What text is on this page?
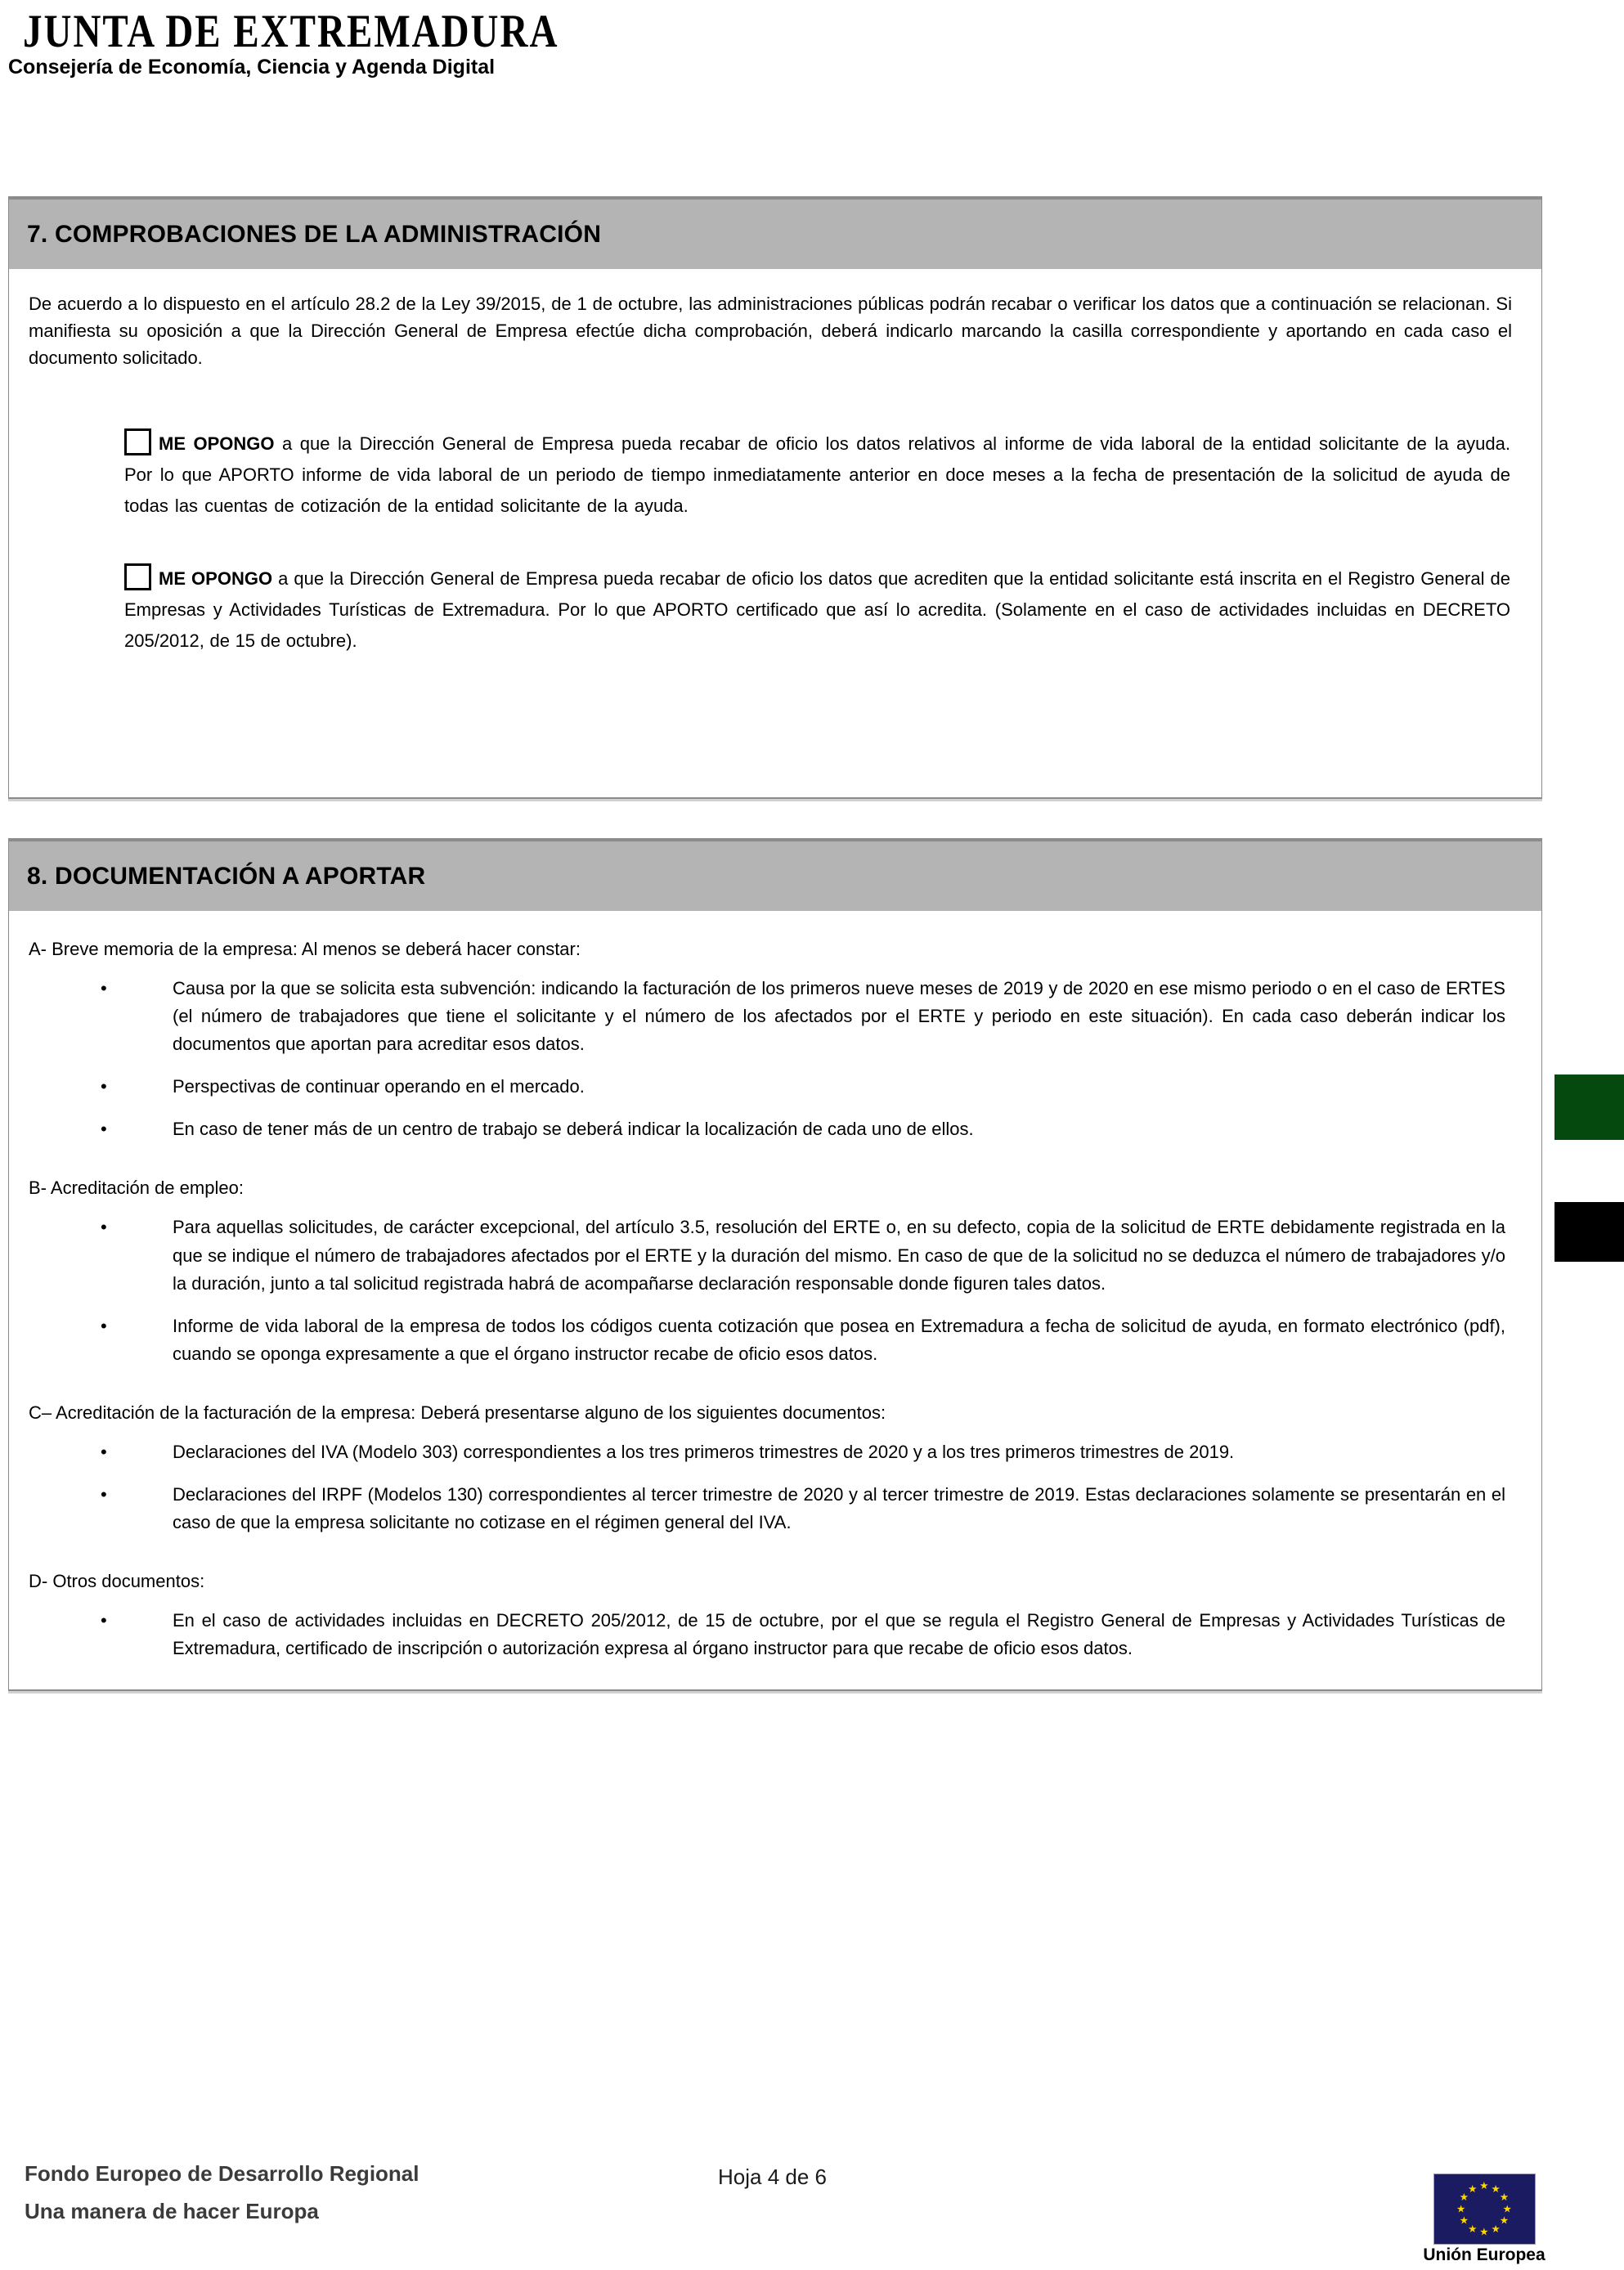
JUNTA DE EXTREMADURA
Consejería de Economía, Ciencia y Agenda Digital
7. COMPROBACIONES DE LA ADMINISTRACIÓN

De acuerdo a lo dispuesto en el artículo 28.2 de la Ley 39/2015, de 1 de octubre, las administraciones públicas podrán recabar o verificar los datos que a continuación se relacionan. Si manifiesta su oposición a que la Dirección General de Empresa efectúe dicha comprobación, deberá indicarlo marcando la casilla correspondiente y aportando en cada caso el documento solicitado.

ME OPONGO a que la Dirección General de Empresa pueda recabar de oficio los datos relativos al informe de vida laboral de la entidad solicitante de la ayuda. Por lo que APORTO informe de vida laboral de un periodo de tiempo inmediatamente anterior en doce meses a la fecha de presentación de la solicitud de ayuda de todas las cuentas de cotización de la entidad solicitante de la ayuda.

ME OPONGO a que la Dirección General de Empresa pueda recabar de oficio los datos que acrediten que la entidad solicitante está inscrita en el Registro General de Empresas y Actividades Turísticas de Extremadura. Por lo que APORTO certificado que así lo acredita. (Solamente en el caso de actividades incluidas en DECRETO 205/2012, de 15 de octubre).

8. DOCUMENTACIÓN A APORTAR
A- Breve memoria de la empresa: Al menos se deberá hacer constar:
•	Causa por la que se solicita esta subvención: indicando la facturación de los primeros nueve meses de 2019 y de 2020 en ese mismo periodo o en el caso de ERTES (el número de trabajadores que tiene el solicitante y el número de los afectados por el ERTE y periodo en este situación). En cada caso deberán indicar los documentos que aportan para acreditar esos datos.
•	Perspectivas de continuar operando en el mercado.
•	En caso de tener más de un centro de trabajo se deberá indicar la localización de cada uno de ellos.
B- Acreditación de empleo:
•	Para aquellas solicitudes, de carácter excepcional, del artículo 3.5, resolución del ERTE o, en su defecto, copia de la solicitud de ERTE debidamente registrada en la que se indique el número de trabajadores afectados por el ERTE y la duración del mismo. En caso de que de la solicitud no se deduzca el número de trabajadores y/o la duración, junto a tal solicitud registrada habrá de acompañarse declaración responsable donde figuren tales datos.
•	Informe de vida laboral de la empresa de todos los códigos cuenta cotización que posea en Extremadura a fecha de solicitud de ayuda, en formato electrónico (pdf), cuando se oponga expresamente a que el órgano instructor recabe de oficio esos datos.
C– Acreditación de la facturación de la empresa: Deberá presentarse alguno de los siguientes documentos:
•	Declaraciones del IVA (Modelo 303) correspondientes a los tres primeros trimestres de 2020 y a los tres primeros trimestres de 2019.
•	Declaraciones del IRPF (Modelos 130) correspondientes al tercer trimestre de 2020 y al tercer trimestre de 2019. Estas declaraciones solamente se presentarán en el caso de que la empresa solicitante no cotizase en el régimen general del IVA.
D- Otros documentos:
•	En el caso de actividades incluidas en DECRETO 205/2012, de 15 de octubre, por el que se regula el Registro General de Empresas y Actividades Turísticas de Extremadura, certificado de inscripción o autorización expresa al órgano instructor para que recabe de oficio esos datos.
Fondo Europeo de Desarrollo Regional
Una manera de hacer Europa
Hoja 4 de 6	★ ★
★
★
★
★
★
★
★
★
★
★
Unión Europea
